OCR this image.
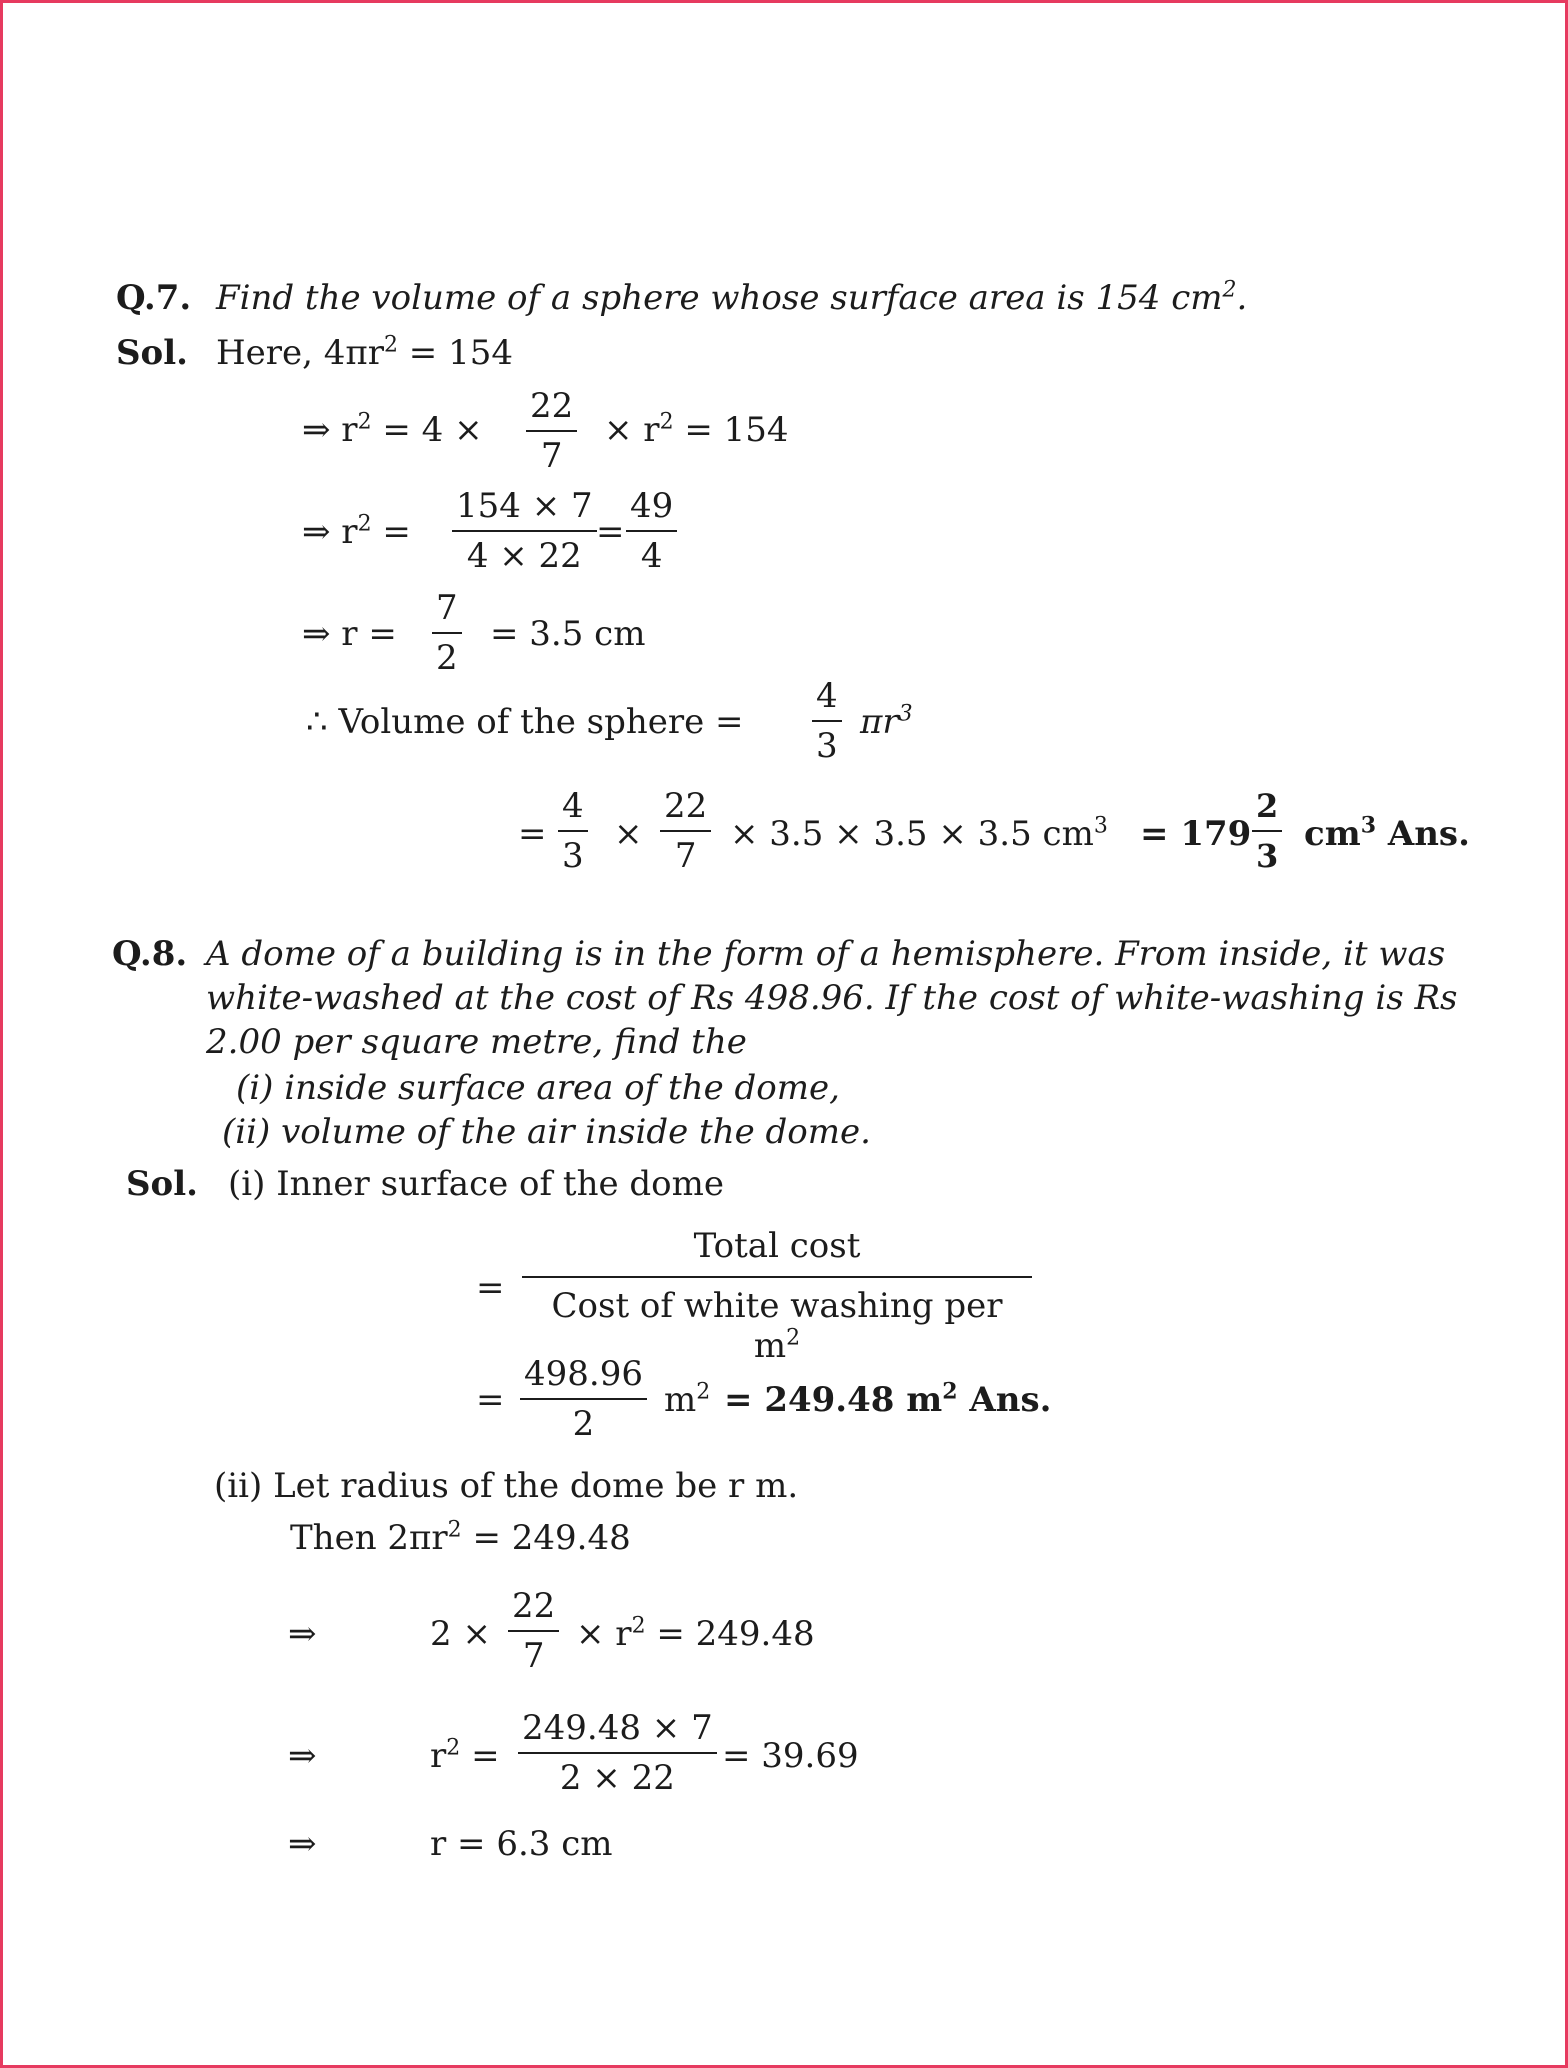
Q.7. Find the volume of a sphere whose surface area is 154 $cm^2$.
Sol. Here, $4\pi r^2 = 154$
⇒ $r^2 = 4 \times \frac{22}{7} \times r^2 = 154$
⇒ $r^2 = \frac{154 \times 7}{4 \times 22} = \frac{49}{4}$
⇒ $r = \frac{7}{2} = 3.5$ cm
∴ Volume of the sphere = $\frac{4}{3} \pi r^3$
= $\frac{4}{3} \times \frac{22}{7} \times 3.5 \times 3.5 \times 3.5$ $cm^3 = 179 \frac{2}{3} cm^3$ Ans.
Q.8. A dome of a building is in the form of a hemisphere. From inside, it was
white-washed at the cost of Rs 498.96. If the cost of white-washing is Rs
2.00 per square metre, find the
(i) inside surface area of the dome,
(ii) volume of the air inside the dome.
Sol. (i) Inner surface of the dome
=
Total cost
Cost of white washing per $m^2$
= $\frac{498.96}{2} m^2 = 249.48$ $m^2$ Ans.
(ii) Let radius of the dome be r m.
Then $2\pi r^2 = 249.48$
⇒	$2 \times \frac{22}{7} \times r^2 = 249.48$
⇒	$r^2 = \frac{249.48 \times 7}{2 \times 22} = 39.69$
⇒	r = 6.3 cm
